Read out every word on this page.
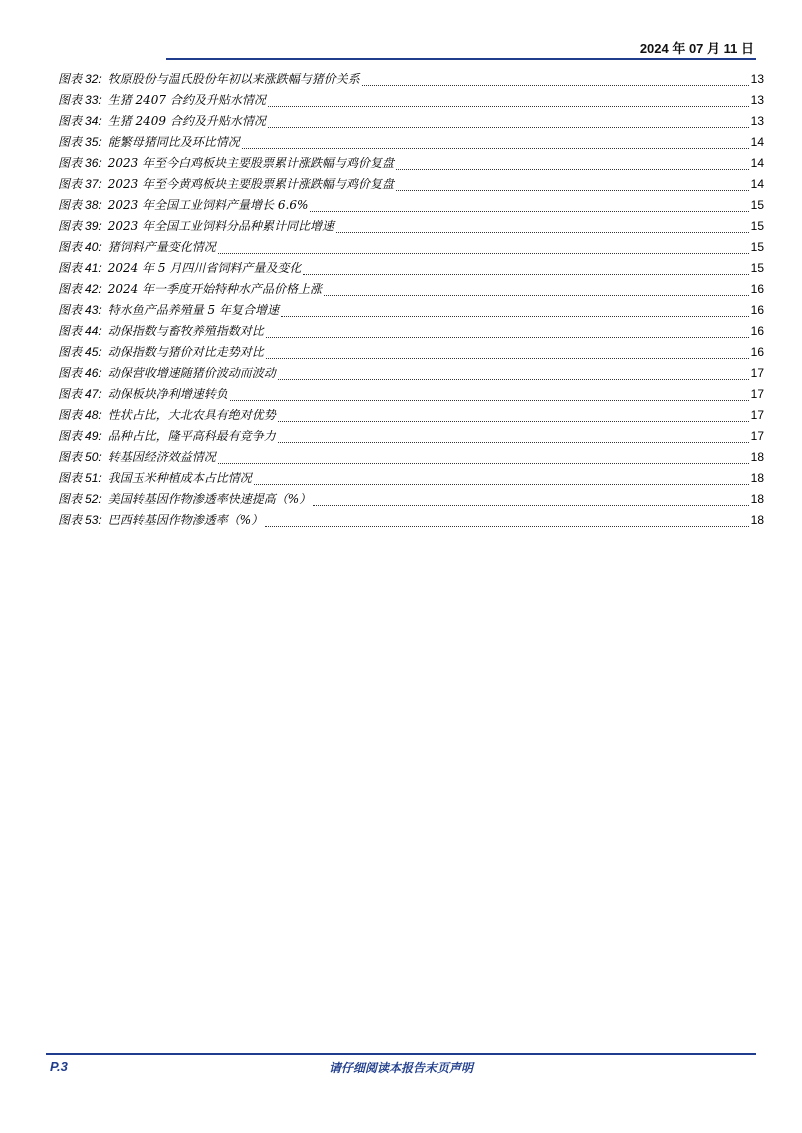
2024 年 07 月 11 日
图表 32: 牧原股份与温氏股份年初以来涨跌幅与猪价关系	13
图表 33: 生猪 2407 合约及升贴水情况	13
图表 34: 生猪 2409 合约及升贴水情况	13
图表 35: 能繁母猪同比及环比情况	14
图表 36: 2023 年至今白鸡板块主要股票累计涨跌幅与鸡价复盘	14
图表 37: 2023 年至今黄鸡板块主要股票累计涨跌幅与鸡价复盘	14
图表 38: 2023 年全国工业饲料产量增长 6.6%	15
图表 39: 2023 年全国工业饲料分品种累计同比增速	15
图表 40: 猪饲料产量变化情况	15
图表 41: 2024 年 5 月四川省饲料产量及变化	15
图表 42: 2024 年一季度开始特种水产品价格上涨	16
图表 43: 特水鱼产品养殖量 5 年复合增速	16
图表 44: 动保指数与畜牧养殖指数对比	16
图表 45: 动保指数与猪价对比走势对比	16
图表 46: 动保营收增速随猪价波动而波动	17
图表 47: 动保板块净利增速转负	17
图表 48: 性状占比，大北农具有绝对优势	17
图表 49: 品种占比，隆平高科最有竞争力	17
图表 50: 转基因经济效益情况	18
图表 51: 我国玉米种植成本占比情况	18
图表 52: 美国转基因作物渗透率快速提高（%）	18
图表 53: 巴西转基因作物渗透率（%）	18
P.3	请仔细阅读本报告末页声明
